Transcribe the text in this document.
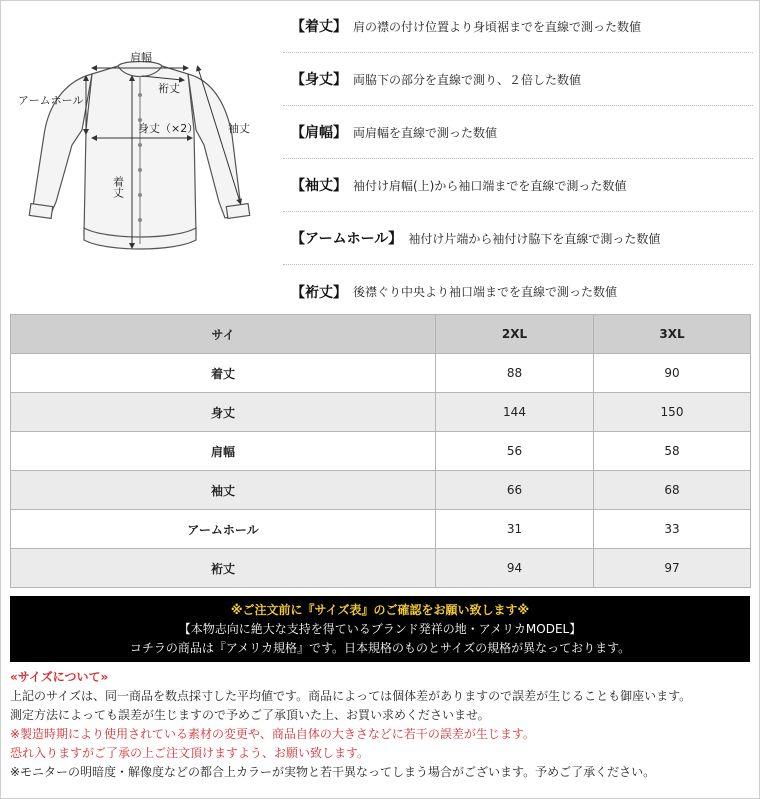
肩幅
裄丈
アームホール
身丈（×2）	袖丈
着丈
【着丈】 肩の襟の付け位置より身頃裾までを直線で測った数値
【身丈】 両脇下の部分を直線で測り、２倍した数値
【肩幅】 両肩幅を直線で測った数値
【袖丈】 袖付け肩幅(上)から袖口端までを直線で測った数値
【アームホール】 袖付け片端から袖付け脇下を直線で測った数値
【裄丈】 後襟ぐり中央より袖口端までを直線で測った数値
サイ	2XL	3XL
着丈	88	90
身丈	144	150
肩幅	56	58
袖丈	66	68
アームホール	31	33
裄丈	94	97
※ご注文前に『サイズ表』のご確認をお願い致します※
【本物志向に絶大な支持を得ているブランド発祥の地・アメリカMODEL】
コチラの商品は『アメリカ規格』です。日本規格のものとサイズの規格が異なっております。
«サイズについて»
上記のサイズは、同一商品を数点採寸した平均値です。商品によっては個体差がありますので誤差が生じることも御座います。
測定方法によっても誤差が生じますので予めご了承頂いた上、お買い求めくださいませ。
※製造時期により使用されている素材の変更や、商品自体の大きさなどに若干の誤差が生じます。
恐れ入りますがご了承の上ご注文頂けますよう、お願い致します。
※モニターの明暗度・解像度などの都合上カラーが実物と若干異なってしまう場合がございます。予めご了承ください。
